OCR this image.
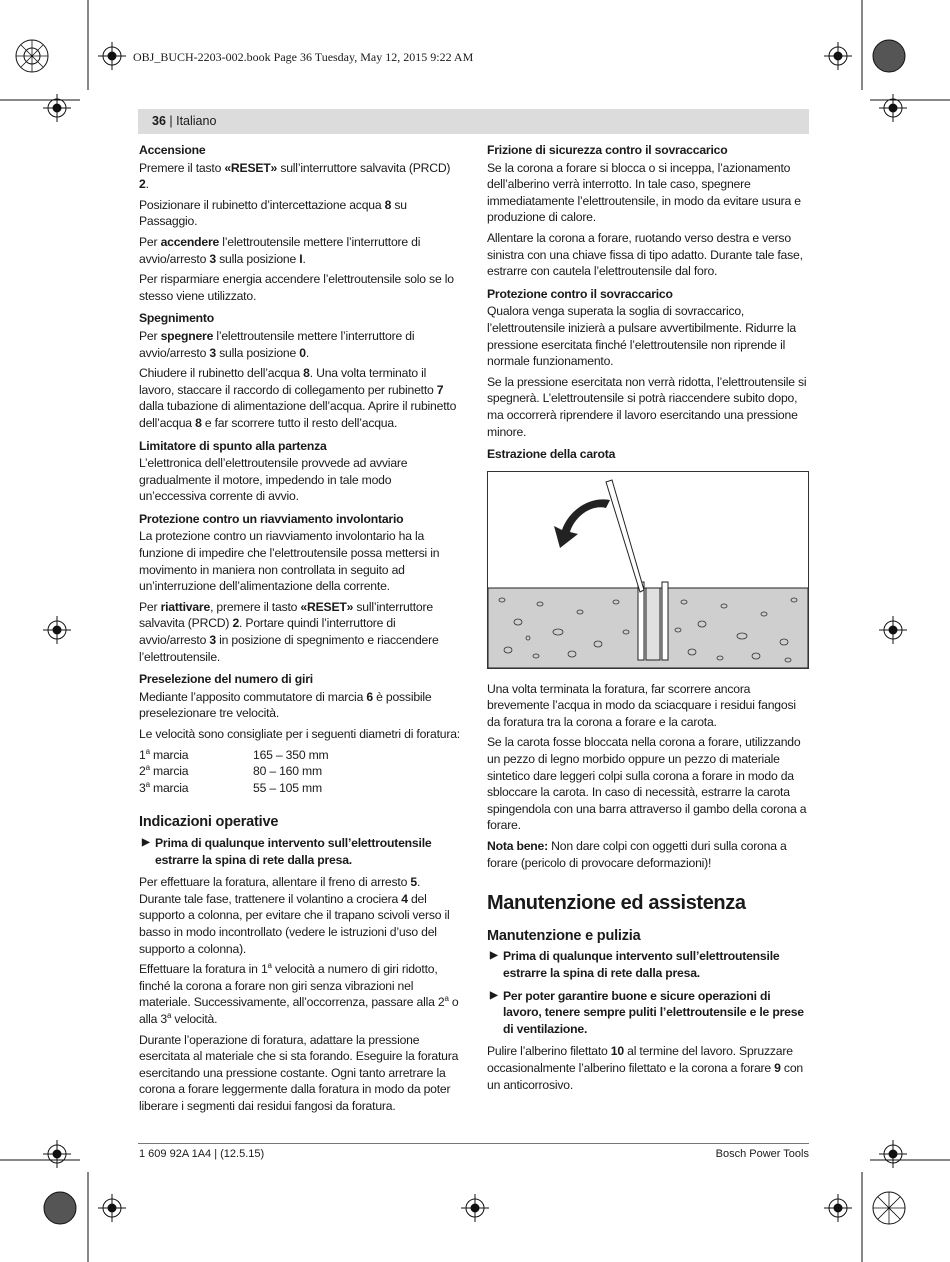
OBJ_BUCH-2203-002.book Page 36 Tuesday, May 12, 2015 9:22 AM
36 | Italiano
Accensione

Premere il tasto «RESET» sull’interruttore salvavita (PRCD) 2.

Posizionare il rubinetto d’intercettazione acqua 8 su Passaggio.

Per accendere l’elettroutensile mettere l’interruttore di avvio/arresto 3 sulla posizione I.

Per risparmiare energia accendere l’elettroutensile solo se lo stesso viene utilizzato.

Spegnimento

Per spegnere l’elettroutensile mettere l’interruttore di avvio/arresto 3 sulla posizione 0.

Chiudere il rubinetto dell’acqua 8. Una volta terminato il lavoro, staccare il raccordo di collegamento per rubinetto 7 dalla tubazione di alimentazione dell’acqua. Aprire il rubinetto dell’acqua 8 e far scorrere tutto il resto dell’acqua.

Limitatore di spunto alla partenza

L’elettronica dell’elettroutensile provvede ad avviare gradualmente il motore, impedendo in tale modo un’eccessiva corrente di avvio.

Protezione contro un riavviamento involontario

La protezione contro un riavviamento involontario ha la funzione di impedire che l’elettroutensile possa mettersi in movimento in maniera non controllata in seguito ad un’interruzione dell’alimentazione della corrente.

Per riattivare, premere il tasto «RESET» sull’interruttore salvavita (PRCD) 2. Portare quindi l’interruttore di avvio/arresto 3 in posizione di spegnimento e riaccendere l’elettroutensile.

Preselezione del numero di giri

Mediante l’apposito commutatore di marcia 6 è possibile preselezionare tre velocità.

Le velocità sono consigliate per i seguenti diametri di foratura:

1$^a$ marcia	165 – 350 mm
2$^a$ marcia	80 – 160 mm
3$^a$ marcia	55 – 105 mm
Indicazioni operative
▶ Prima di qualunque intervento sull’elettroutensile estrarre la spina di rete dalla presa.

Per effettuare la foratura, allentare il freno di arresto 5. Durante tale fase, trattenere il volantino a crociera 4 del supporto a colonna, per evitare che il trapano scivoli verso il basso in modo incontrollato (vedere le istruzioni d’uso del supporto a colonna).

Effettuare la foratura in 1$^a$ velocità a numero di giri ridotto, finché la corona a forare non giri senza vibrazioni nel materiale. Successivamente, all’occorrenza, passare alla 2$^a$ o alla 3$^a$ velocità.

Durante l’operazione di foratura, adattare la pressione esercitata al materiale che si sta forando. Eseguire la foratura esercitando una pressione costante. Ogni tanto arretrare la corona a forare leggermente dalla foratura in modo da poter liberare i segmenti dai residui fangosi da foratura.

Frizione di sicurezza contro il sovraccarico

Se la corona a forare si blocca o si inceppa, l’azionamento dell’alberino verrà interrotto. In tale caso, spegnere immediatamente l’elettroutensile, in modo da evitare usura e produzione di calore.

Allentare la corona a forare, ruotando verso destra e verso sinistra con una chiave fissa di tipo adatto. Durante tale fase, estrarre con cautela l’elettroutensile dal foro.

Protezione contro il sovraccarico

Qualora venga superata la soglia di sovraccarico, l’elettroutensile inizierà a pulsare avvertibilmente. Ridurre la pressione esercitata finché l’elettroutensile non riprende il normale funzionamento.

Se la pressione esercitata non verrà ridotta, l’elettroutensile si spegnerà. L’elettroutensile si potrà riaccendere subito dopo, ma occorrerà riprendere il lavoro esercitando una pressione minore.

Estrazione della carota

Una volta terminata la foratura, far scorrere ancora brevemente l’acqua in modo da sciacquare i residui fangosi da foratura tra la corona a forare e la carota.

Se la carota fosse bloccata nella corona a forare, utilizzando un pezzo di legno morbido oppure un pezzo di materiale sintetico dare leggeri colpi sulla corona a forare in modo da sbloccare la carota. In caso di necessità, estrarre la carota spingendola con una barra attraverso il gambo della corona a forare.

Nota bene: Non dare colpi con oggetti duri sulla corona a forare (pericolo di provocare deformazioni)!

Manutenzione ed assistenza
Manutenzione e pulizia
▶ Prima di qualunque intervento sull’elettroutensile estrarre la spina di rete dalla presa.
▶ Per poter garantire buone e sicure operazioni di lavoro, tenere sempre puliti l’elettroutensile e le prese di ventilazione.

Pulire l’alberino filettato 10 al termine del lavoro. Spruzzare occasionalmente l’alberino filettato e la corona a forare 9 con un anticorrosivo.

1 609 92A 1A4 | (12.5.15)	Bosch Power Tools
